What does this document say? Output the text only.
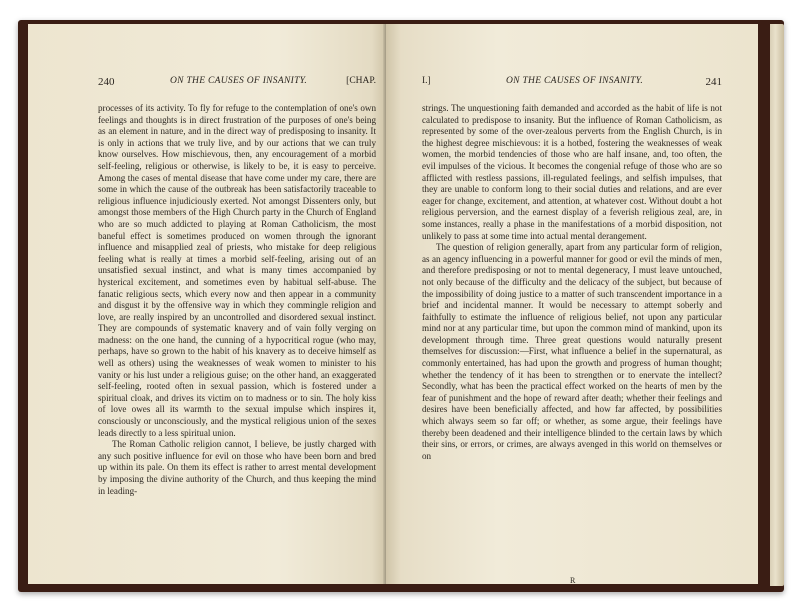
240	ON THE CAUSES OF INSANITY.	[CHAP.

processes of its activity. To fly for refuge to the contemplation of one's own feelings and thoughts is in direct frustration of the purposes of one's being as an element in nature, and in the direct way of predisposing to insanity. It is only in actions that we truly live, and by our actions that we can truly know ourselves. How mischievous, then, any encouragement of a morbid self-feeling, religious or otherwise, is likely to be, it is easy to perceive. Among the cases of mental disease that have come under my care, there are some in which the cause of the outbreak has been satisfactorily traceable to religious influence injudiciously exerted. Not amongst Dissenters only, but amongst those members of the High Church party in the Church of England who are so much addicted to playing at Roman Catholicism, the most baneful effect is sometimes produced on women through the ignorant influence and misapplied zeal of priests, who mistake for deep religious feeling what is really at times a morbid self-feeling, arising out of an unsatisfied sexual instinct, and what is many times accompanied by hysterical excitement, and sometimes even by habitual self-abuse. The fanatic religious sects, which every now and then appear in a community and disgust it by the offensive way in which they commingle religion and love, are really inspired by an uncontrolled and disordered sexual instinct. They are compounds of systematic knavery and of vain folly verging on madness: on the one hand, the cunning of a hypocritical rogue (who may, perhaps, have so grown to the habit of his knavery as to deceive himself as well as others) using the weaknesses of weak women to minister to his vanity or his lust under a religious guise; on the other hand, an exaggerated self-feeling, rooted often in sexual passion, which is fostered under a spiritual cloak, and drives its victim on to madness or to sin. The holy kiss of love owes all its warmth to the sexual impulse which inspires it, consciously or unconsciously, and the mystical religious union of the sexes leads directly to a less spiritual union.

The Roman Catholic religion cannot, I believe, be justly charged with any such positive influence for evil on those who have been born and bred up within its pale. On them its effect is rather to arrest mental development by imposing the divine authority of the Church, and thus keeping the mind in leading-

I.]	ON THE CAUSES OF INSANITY.	241

strings. The unquestioning faith demanded and accorded as the habit of life is not calculated to predispose to insanity. But the influence of Roman Catholicism, as represented by some of the over-zealous perverts from the English Church, is in the highest degree mischievous: it is a hotbed, fostering the weaknesses of weak women, the morbid tendencies of those who are half insane, and, too often, the evil impulses of the vicious. It becomes the congenial refuge of those who are so afflicted with restless passions, ill-regulated feelings, and selfish impulses, that they are unable to conform long to their social duties and relations, and are ever eager for change, excitement, and attention, at whatever cost. Without doubt a hot religious perversion, and the earnest display of a feverish religious zeal, are, in some instances, really a phase in the manifestations of a morbid disposition, not unlikely to pass at some time into actual mental derangement.

The question of religion generally, apart from any particular form of religion, as an agency influencing in a powerful manner for good or evil the minds of men, and therefore predisposing or not to mental degeneracy, I must leave untouched, not only because of the difficulty and the delicacy of the subject, but because of the impossibility of doing justice to a matter of such transcendent importance in a brief and incidental manner. It would be necessary to attempt soberly and faithfully to estimate the influence of religious belief, not upon any particular mind nor at any particular time, but upon the common mind of mankind, upon its development through time. Three great questions would naturally present themselves for discussion:—First, what influence a belief in the supernatural, as commonly entertained, has had upon the growth and progress of human thought; whether the tendency of it has been to strengthen or to enervate the intellect? Secondly, what has been the practical effect worked on the hearts of men by the fear of punishment and the hope of reward after death; whether their feelings and desires have been beneficially affected, and how far affected, by possibilities which always seem so far off; or whether, as some argue, their feelings have thereby been deadened and their intelligence blinded to the certain laws by which their sins, or errors, or crimes, are always avenged in this world on themselves or on

R
